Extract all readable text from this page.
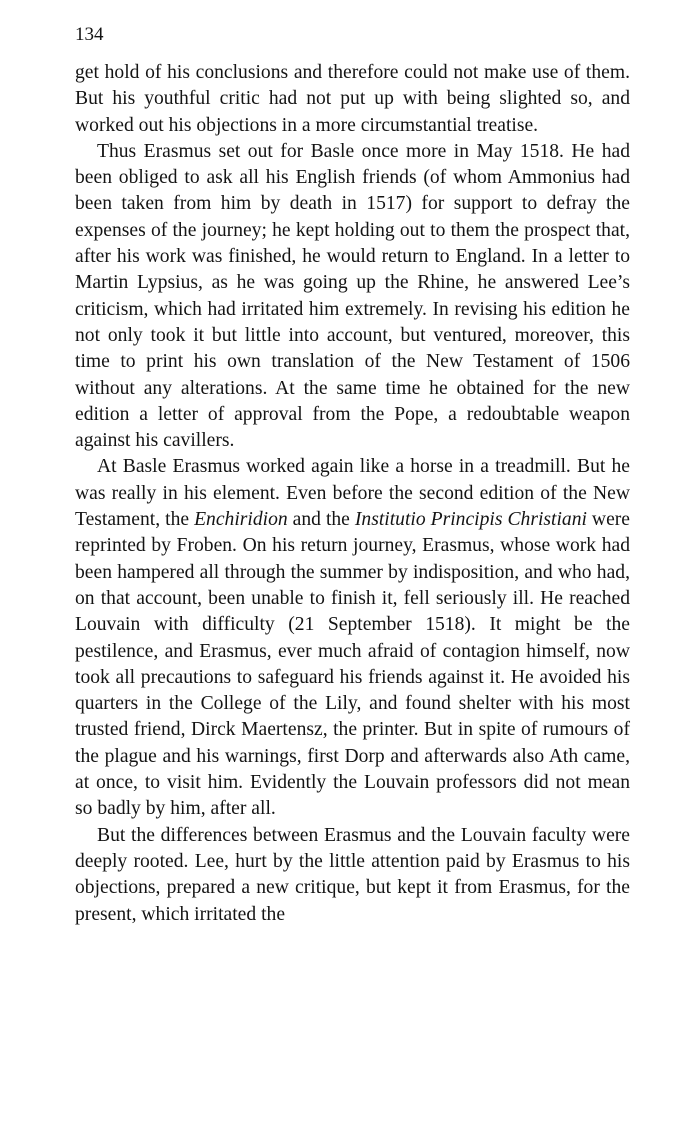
134

get hold of his conclusions and therefore could not make use of them. But his youthful critic had not put up with being slighted so, and worked out his objections in a more circumstantial treatise.

Thus Erasmus set out for Basle once more in May 1518. He had been obliged to ask all his English friends (of whom Ammonius had been taken from him by death in 1517) for support to defray the expenses of the journey; he kept holding out to them the prospect that, after his work was finished, he would return to England. In a letter to Martin Lypsius, as he was going up the Rhine, he answered Lee’s criticism, which had irritated him extremely. In revising his edition he not only took it but little into account, but ventured, moreover, this time to print his own translation of the New Testament of 1506 without any alterations. At the same time he obtained for the new edition a letter of approval from the Pope, a redoubtable weapon against his cavillers.

At Basle Erasmus worked again like a horse in a treadmill. But he was really in his element. Even before the second edition of the New Testament, the Enchiridion and the Institutio Principis Christiani were reprinted by Froben. On his return journey, Erasmus, whose work had been hampered all through the summer by indisposition, and who had, on that account, been unable to finish it, fell seriously ill. He reached Louvain with difficulty (21 September 1518). It might be the pestilence, and Erasmus, ever much afraid of contagion himself, now took all precautions to safeguard his friends against it. He avoided his quarters in the College of the Lily, and found shelter with his most trusted friend, Dirck Maertensz, the printer. But in spite of rumours of the plague and his warnings, first Dorp and afterwards also Ath came, at once, to visit him. Evidently the Louvain professors did not mean so badly by him, after all.

But the differences between Erasmus and the Louvain faculty were deeply rooted. Lee, hurt by the little attention paid by Erasmus to his objections, prepared a new critique, but kept it from Erasmus, for the present, which irritated the
